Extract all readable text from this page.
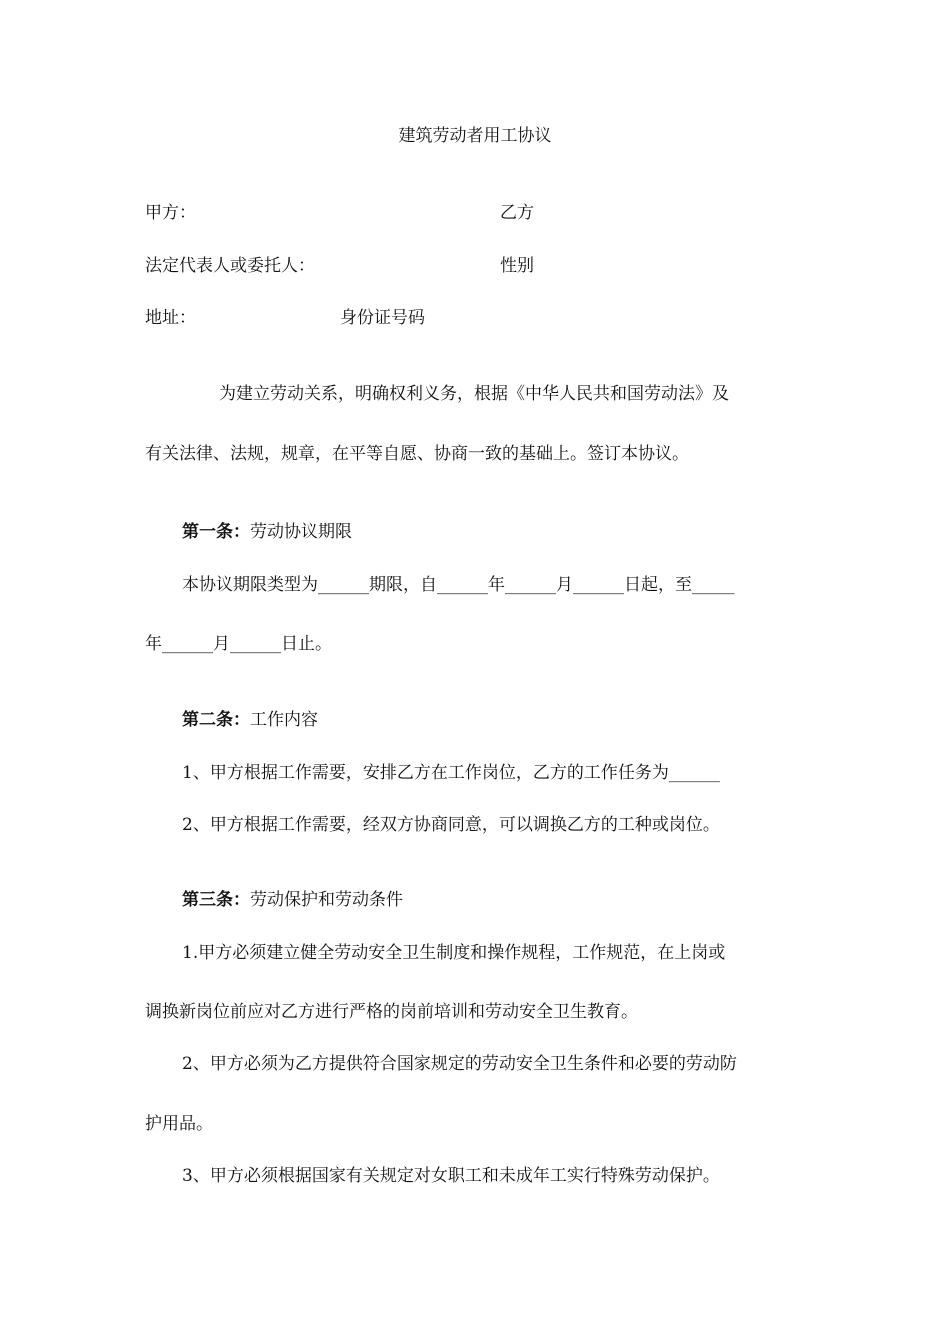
建筑劳动者用工协议
甲方：	乙方
法定代表人或委托人：	性别
地址：	身份证号码
为建立劳动关系，明确权利义务，根据《中华人民共和国劳动法》及
有关法律、法规，规章，在平等自愿、协商一致的基础上。签订本协议。
第一条：劳动协议期限
本协议期限类型为______期限，自______年______月______日起，至_____
年______月______日止。
第二条：工作内容
1、甲方根据工作需要，安排乙方在工作岗位，乙方的工作任务为______
2、甲方根据工作需要，经双方协商同意，可以调换乙方的工种或岗位。
第三条：劳动保护和劳动条件
1.甲方必须建立健全劳动安全卫生制度和操作规程，工作规范，在上岗或
调换新岗位前应对乙方进行严格的岗前培训和劳动安全卫生教育。
2、甲方必须为乙方提供符合国家规定的劳动安全卫生条件和必要的劳动防
护用品。
3、甲方必须根据国家有关规定对女职工和未成年工实行特殊劳动保护。
